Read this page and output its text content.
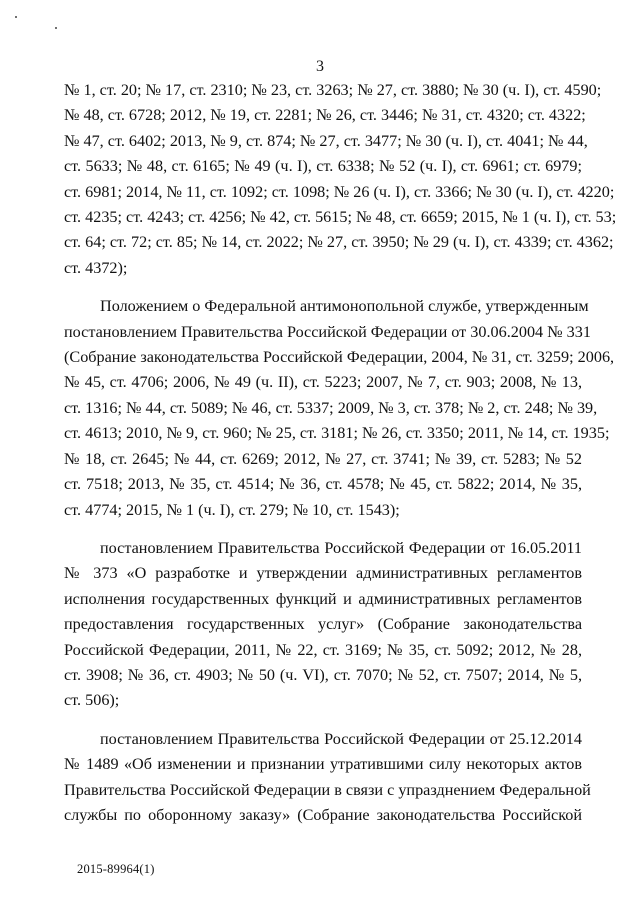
3
№ 1, ст. 20; № 17, ст. 2310; № 23, ст. 3263; № 27, ст. 3880; № 30 (ч. I), ст. 4590;
№ 48, ст. 6728; 2012, № 19, ст. 2281; № 26, ст. 3446; № 31, ст. 4320; ст. 4322;
№ 47, ст. 6402; 2013, № 9, ст. 874; № 27, ст. 3477; № 30 (ч. I), ст. 4041; № 44,
ст. 5633; № 48, ст. 6165; № 49 (ч. I), ст. 6338; № 52 (ч. I), ст. 6961; ст. 6979;
ст. 6981; 2014, № 11, ст. 1092; ст. 1098; № 26 (ч. I), ст. 3366; № 30 (ч. I), ст. 4220;
ст. 4235; ст. 4243; ст. 4256; № 42, ст. 5615; № 48, ст. 6659; 2015, № 1 (ч. I), ст. 53;
ст. 64; ст. 72; ст. 85; № 14, ст. 2022; № 27, ст. 3950; № 29 (ч. I), ст. 4339; ст. 4362;
ст. 4372);
Положением о Федеральной антимонопольной службе, утвержденным
постановлением Правительства Российской Федерации от 30.06.2004 № 331
(Собрание законодательства Российской Федерации, 2004, № 31, ст. 3259; 2006,
№ 45, ст. 4706; 2006, № 49 (ч. II), ст. 5223; 2007, № 7, ст. 903; 2008, № 13,
ст. 1316; № 44, ст. 5089; № 46, ст. 5337; 2009, № 3, ст. 378; № 2, ст. 248; № 39,
ст. 4613; 2010, № 9, ст. 960; № 25, ст. 3181; № 26, ст. 3350; 2011, № 14, ст. 1935;
№ 18, ст. 2645; № 44, ст. 6269; 2012, № 27, ст. 3741; № 39, ст. 5283; № 52
ст. 7518; 2013, № 35, ст. 4514; № 36, ст. 4578; № 45, ст. 5822; 2014, № 35,
ст. 4774; 2015, № 1 (ч. I), ст. 279; № 10, ст. 1543);
постановлением Правительства Российской Федерации от 16.05.2011
№ 373 «О разработке и утверждении административных регламентов
исполнения государственных функций и административных регламентов
предоставления государственных услуг» (Собрание законодательства
Российской Федерации, 2011, № 22, ст. 3169; № 35, ст. 5092; 2012, № 28,
ст. 3908; № 36, ст. 4903; № 50 (ч. VI), ст. 7070; № 52, ст. 7507; 2014, № 5,
ст. 506);
постановлением Правительства Российской Федерации от 25.12.2014
№ 1489 «Об изменении и признании утратившими силу некоторых актов
Правительства Российской Федерации в связи с упразднением Федеральной
службы по оборонному заказу» (Собрание законодательства Российской
2015-89964(1)
